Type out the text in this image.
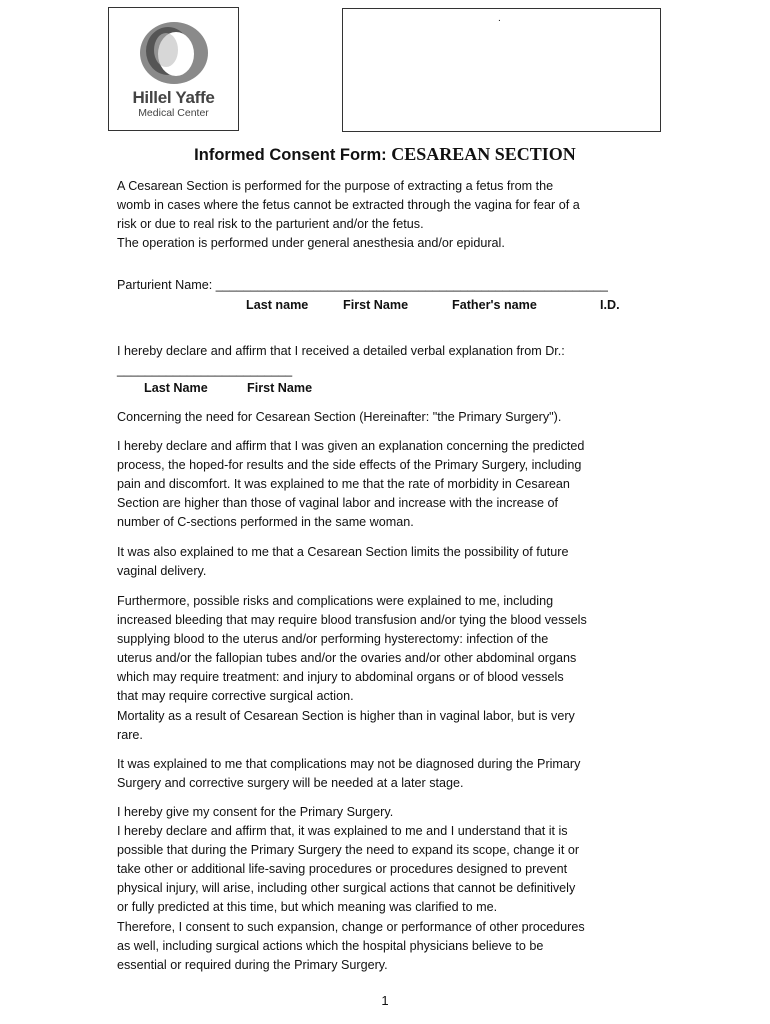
Hillel Yaffe
Medical Center
.
Informed Consent Form: CESAREAN SECTION

A Cesarean Section is performed for the purpose of extracting a fetus from the

womb in cases where the fetus cannot be extracted through the vagina for fear of a

risk or due to real risk to the parturient and/or the fetus.

The operation is performed under general anesthesia and/or epidural.

Parturient Name: ________________________________________________________

Last name	First Name	Father's name	I.D.

I hereby declare and affirm that I received a detailed verbal explanation from Dr.:

_________________________

Last Name	First Name

Concerning the need for Cesarean Section (Hereinafter: "the Primary Surgery").

I hereby declare and affirm that I was given an explanation concerning the predicted

process, the hoped-for results and the side effects of the Primary Surgery, including

pain and discomfort. It was explained to me that the rate of morbidity in Cesarean

Section are higher than those of vaginal labor and increase with the increase of

number of C-sections performed in the same woman.

It was also explained to me that a Cesarean Section limits the possibility of future

vaginal delivery.

Furthermore, possible risks and complications were explained to me, including

increased bleeding that may require blood transfusion and/or tying the blood vessels

supplying blood to the uterus and/or performing hysterectomy: infection of the

uterus and/or the fallopian tubes and/or the ovaries and/or other abdominal organs

which may require treatment: and injury to abdominal organs or of blood vessels

that may require corrective surgical action.

Mortality as a result of Cesarean Section is higher than in vaginal labor, but is very

rare.

It was explained to me that complications may not be diagnosed during the Primary

Surgery and corrective surgery will be needed at a later stage.

I hereby give my consent for the Primary Surgery.

I hereby declare and affirm that, it was explained to me and I understand that it is

possible that during the Primary Surgery the need to expand its scope, change it or

take other or additional life-saving procedures or procedures designed to prevent

physical injury, will arise, including other surgical actions that cannot be definitively

or fully predicted at this time, but which meaning was clarified to me.

Therefore, I consent to such expansion, change or performance of other procedures

as well, including surgical actions which the hospital physicians believe to be

essential or required during the Primary Surgery.

1
